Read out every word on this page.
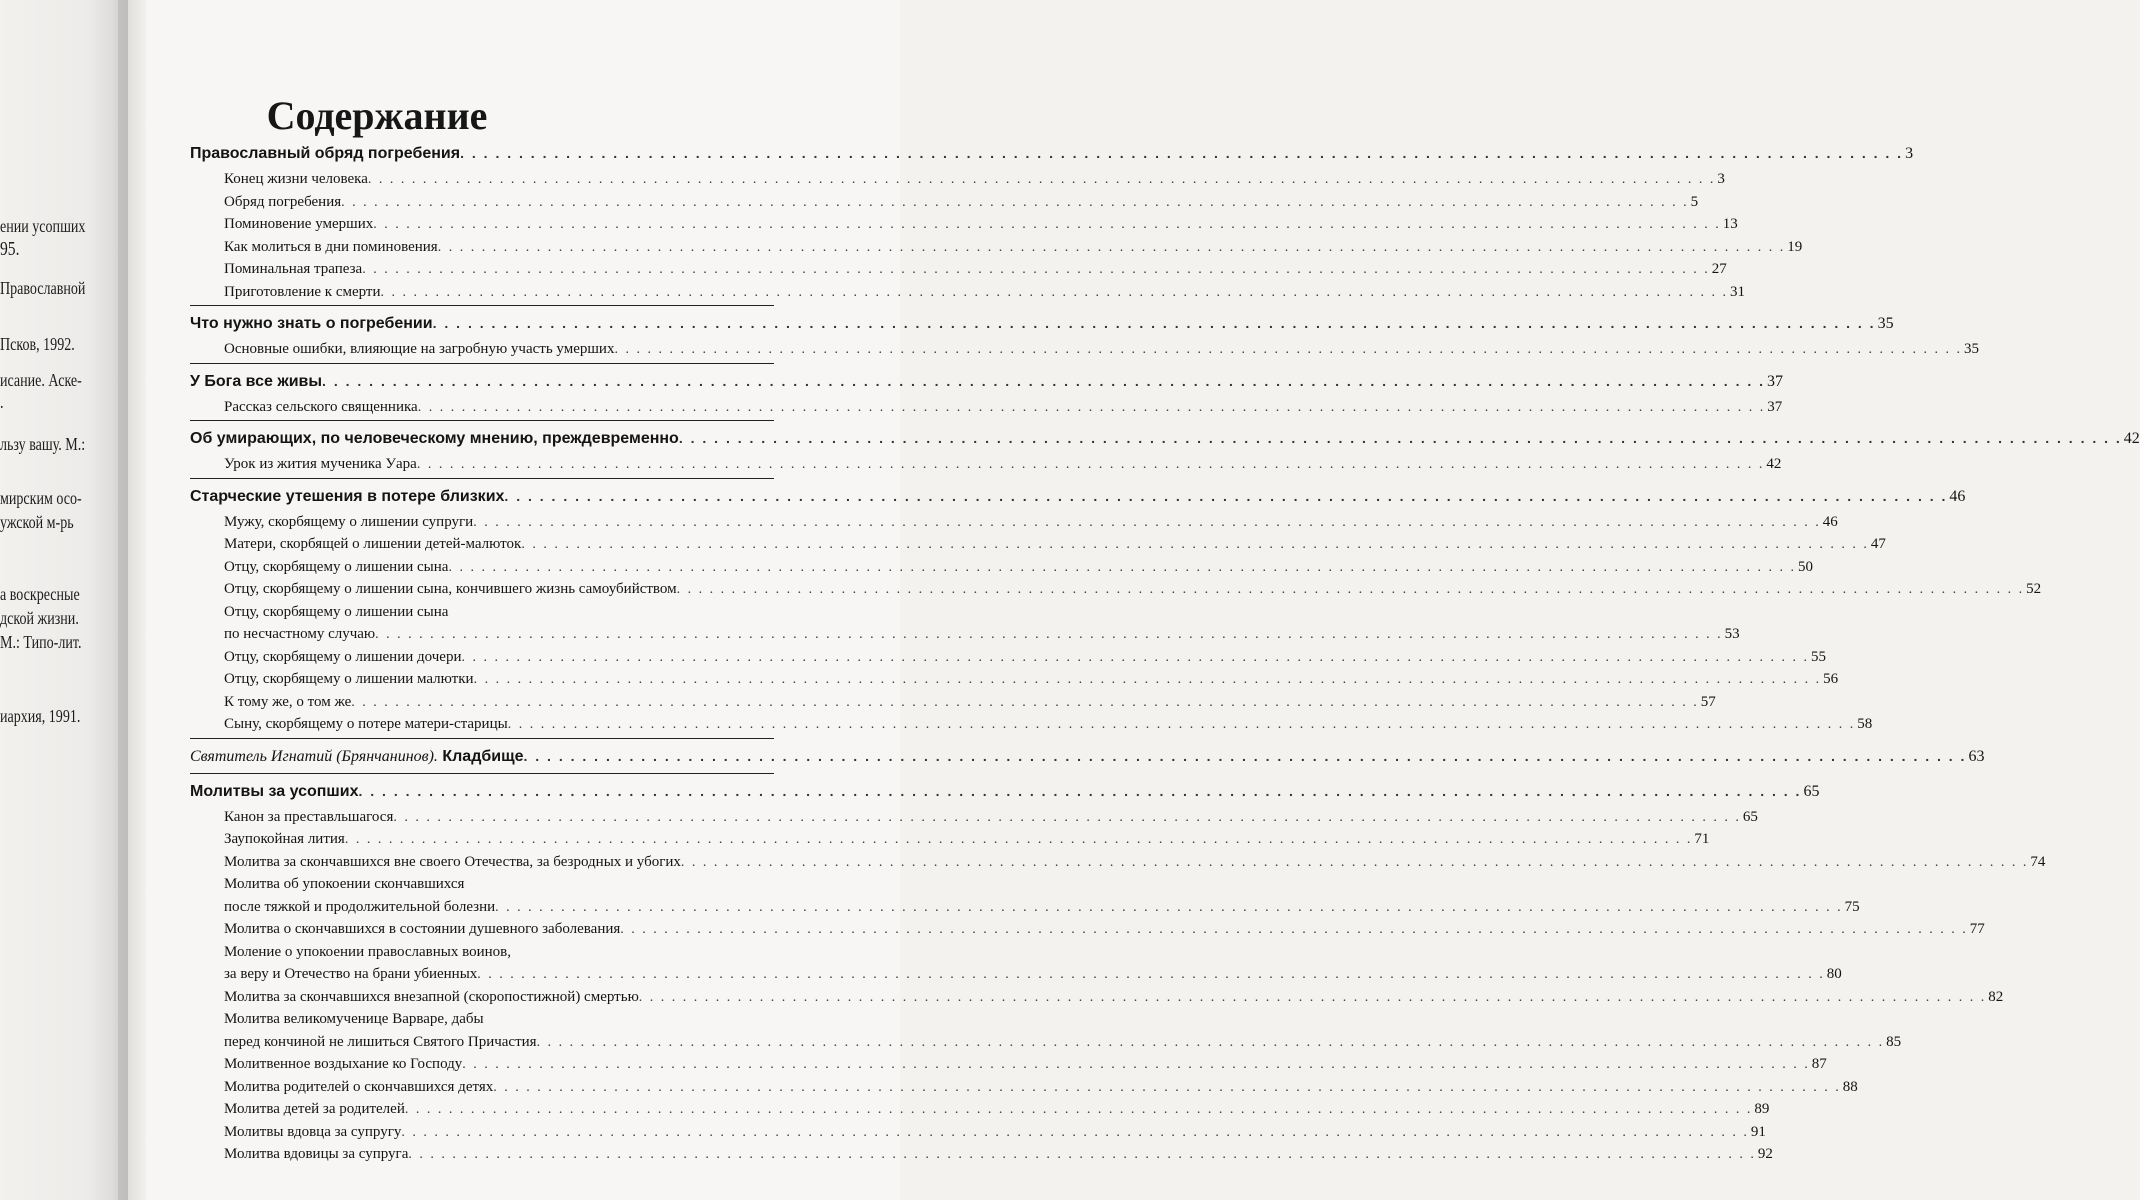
ении усопших
95.
Православной
Псков, 1992.
исание. Аске-
.
льзу вашу. М.:
мирским осо-
ужской м-рь
а воскресные
дской жизни.
М.: Типо-лит.
иархия, 1991.
Содержание
Православный обряд погребения . . .	3
Конец жизни человека . . .	3
Обряд погребения . . .	5
Поминовение умерших . . .	13
Как молиться в дни поминовения . . .	19
Поминальная трапеза . . .	27
Приготовление к смерти . . .	31
Что нужно знать о погребении . . .	35
Основные ошибки, влияющие на загробную участь умерших . . .	35
У Бога все живы . . .	37
Рассказ сельского священника . . .	37
Об умирающих, по человеческому мнению, преждевременно . . .	42
Урок из жития мученика Уара . . .	42
Старческие утешения в потере близких . . .	46
Мужу, скорбящему о лишении супруги . . .	46
Матери, скорбящей о лишении детей-малюток . . .	47
Отцу, скорбящему о лишении сына . . .	50
Отцу, скорбящему о лишении сына, кончившего жизнь самоубийством . . .	52
Отцу, скорбящему о лишении сына
по несчастному случаю . . .	53
Отцу, скорбящему о лишении дочери . . .	55
Отцу, скорбящему о лишении малютки . . .	56
К тому же, о том же . . .	57
Сыну, скорбящему о потере матери-старицы . . .	58
Святитель Игнатий (Брянчанинов). Кладбище . . .	63
Молитвы за усопших . . .	65
Канон за преставльшагося . . .	65
Заупокойная лития . . .	71
Молитва за скончавшихся вне своего Отечества, за безродных и убогих . . .	74
Молитва об упокоении скончавшихся
после тяжкой и продолжительной болезни . . .	75
Молитва о скончавшихся в состоянии душевного заболевания . . .	77
Моление о упокоении православных воинов,
за веру и Отечество на брани убиенных . . .	80
Молитва за скончавшихся внезапной (скоропостижной) смертью . . .	82
Молитва великомученице Варваре, дабы
перед кончиной не лишиться Святого Причастия . . .	85
Молитвенное воздыхание ко Господу . . .	87
Молитва родителей о скончавшихся детях . . .	88
Молитва детей за родителей . . .	89
Молитвы вдовца за супругу . . .	91
Молитва вдовицы за супруга . . .	92
